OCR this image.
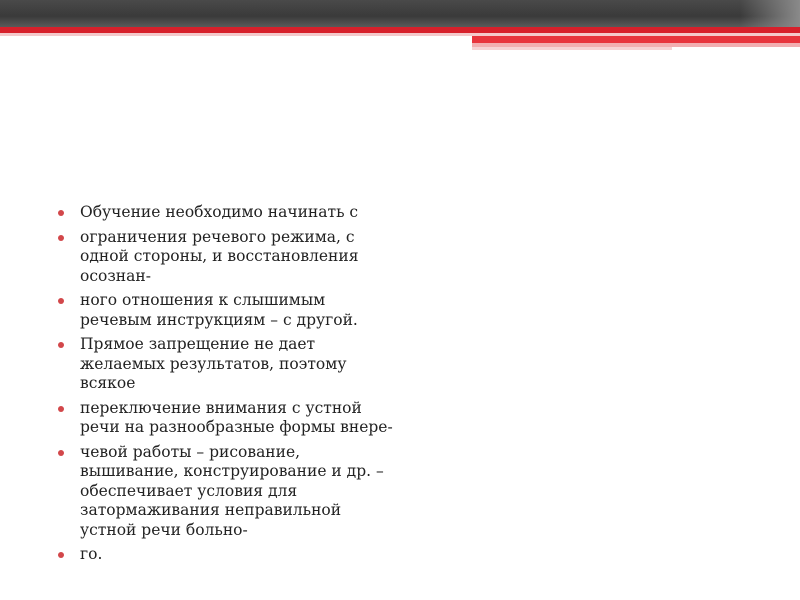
Обучение необходимо начинать с
ограничения речевого режима, с одной стороны, и восстановления осознан-
ного отношения к слышимым речевым инструкциям – с другой.
Прямое запрещение не дает желаемых результатов, поэтому всякое
переключение внимания с устной речи на разнообразные формы внере-
чевой работы – рисование, вышивание, конструирование и др. – обеспечивает условия для затормаживания неправильной устной речи больно-
го.
